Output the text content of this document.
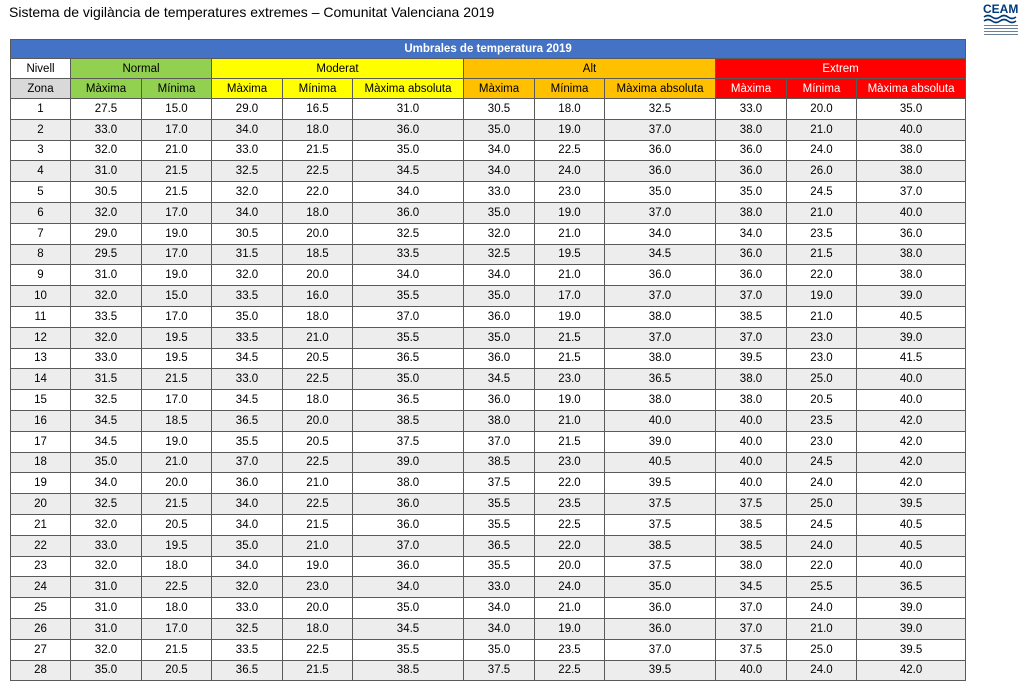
Sistema de vigilància de temperatures extremes – Comunitat Valenciana 2019	CEAM
Umbrales de temperatura 2019											
Nivell	Normal		Moderat			Alt			Extrem		
Zona	Màxima	Mínima	Màxima	Mínima	Màxima absoluta	Màxima	Mínima	Màxima absoluta	Màxima	Mínima	Màxima absoluta
1	27.5	15.0	29.0	16.5	31.0	30.5	18.0	32.5	33.0	20.0	35.0
2	33.0	17.0	34.0	18.0	36.0	35.0	19.0	37.0	38.0	21.0	40.0
3	32.0	21.0	33.0	21.5	35.0	34.0	22.5	36.0	36.0	24.0	38.0
4	31.0	21.5	32.5	22.5	34.5	34.0	24.0	36.0	36.0	26.0	38.0
5	30.5	21.5	32.0	22.0	34.0	33.0	23.0	35.0	35.0	24.5	37.0
6	32.0	17.0	34.0	18.0	36.0	35.0	19.0	37.0	38.0	21.0	40.0
7	29.0	19.0	30.5	20.0	32.5	32.0	21.0	34.0	34.0	23.5	36.0
8	29.5	17.0	31.5	18.5	33.5	32.5	19.5	34.5	36.0	21.5	38.0
9	31.0	19.0	32.0	20.0	34.0	34.0	21.0	36.0	36.0	22.0	38.0
10	32.0	15.0	33.5	16.0	35.5	35.0	17.0	37.0	37.0	19.0	39.0
11	33.5	17.0	35.0	18.0	37.0	36.0	19.0	38.0	38.5	21.0	40.5
12	32.0	19.5	33.5	21.0	35.5	35.0	21.5	37.0	37.0	23.0	39.0
13	33.0	19.5	34.5	20.5	36.5	36.0	21.5	38.0	39.5	23.0	41.5
14	31.5	21.5	33.0	22.5	35.0	34.5	23.0	36.5	38.0	25.0	40.0
15	32.5	17.0	34.5	18.0	36.5	36.0	19.0	38.0	38.0	20.5	40.0
16	34.5	18.5	36.5	20.0	38.5	38.0	21.0	40.0	40.0	23.5	42.0
17	34.5	19.0	35.5	20.5	37.5	37.0	21.5	39.0	40.0	23.0	42.0
18	35.0	21.0	37.0	22.5	39.0	38.5	23.0	40.5	40.0	24.5	42.0
19	34.0	20.0	36.0	21.0	38.0	37.5	22.0	39.5	40.0	24.0	42.0
20	32.5	21.5	34.0	22.5	36.0	35.5	23.5	37.5	37.5	25.0	39.5
21	32.0	20.5	34.0	21.5	36.0	35.5	22.5	37.5	38.5	24.5	40.5
22	33.0	19.5	35.0	21.0	37.0	36.5	22.0	38.5	38.5	24.0	40.5
23	32.0	18.0	34.0	19.0	36.0	35.5	20.0	37.5	38.0	22.0	40.0
24	31.0	22.5	32.0	23.0	34.0	33.0	24.0	35.0	34.5	25.5	36.5
25	31.0	18.0	33.0	20.0	35.0	34.0	21.0	36.0	37.0	24.0	39.0
26	31.0	17.0	32.5	18.0	34.5	34.0	19.0	36.0	37.0	21.0	39.0
27	32.0	21.5	33.5	22.5	35.5	35.0	23.5	37.0	37.5	25.0	39.5
28	35.0	20.5	36.5	21.5	38.5	37.5	22.5	39.5	40.0	24.0	42.0
